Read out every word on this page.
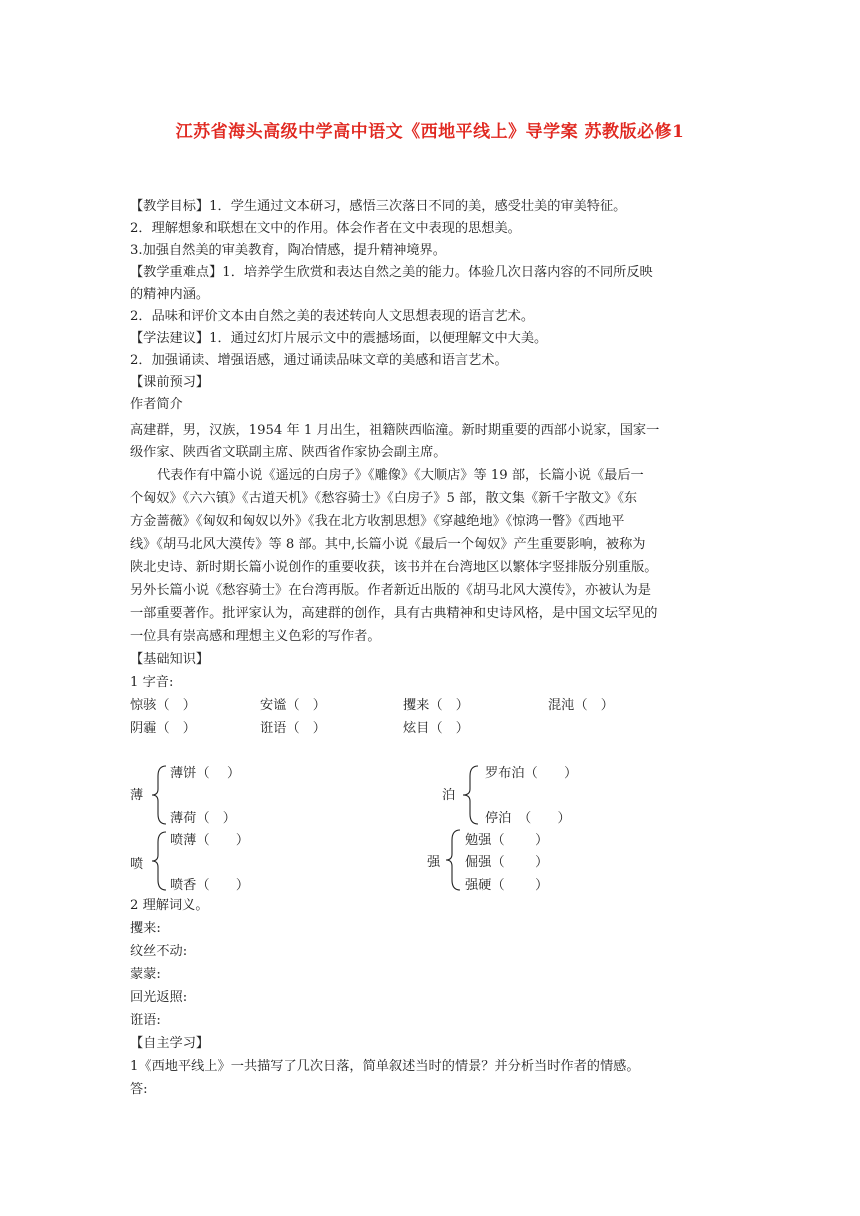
江苏省海头高级中学高中语文《西地平线上》导学案 苏教版必修1
【教学目标】1．学生通过文本研习，感悟三次落日不同的美，感受壮美的审美特征。
2．理解想象和联想在文中的作用。体会作者在文中表现的思想美。
3.加强自然美的审美教育，陶冶情感，提升精神境界。
【教学重难点】1．培养学生欣赏和表达自然之美的能力。体验几次日落内容的不同所反映
的精神内涵。
2．品味和评价文本由自然之美的表述转向人文思想表现的语言艺术。
【学法建议】1．通过幻灯片展示文中的震撼场面，以便理解文中大美。
2．加强诵读、增强语感，通过诵读品味文章的美感和语言艺术。
【课前预习】
作者简介
高建群，男，汉族，1954 年 1 月出生，祖籍陕西临潼。新时期重要的西部小说家，国家一
级作家、陕西省文联副主席、陕西省作家协会副主席。
代表作有中篇小说《遥远的白房子》《雕像》《大顺店》等 19 部，长篇小说《最后一
个匈奴》《六六镇》《古道天机》《愁容骑士》《白房子》5 部，散文集《新千字散文》《东
方金蔷薇》《匈奴和匈奴以外》《我在北方收割思想》《穿越绝地》《惊鸿一瞥》《西地平
线》《胡马北风大漠传》等 8 部。其中,长篇小说《最后一个匈奴》产生重要影响，被称为
陕北史诗、新时期长篇小说创作的重要收获，该书并在台湾地区以繁体字竖排版分别重版。
另外长篇小说《愁容骑士》在台湾再版。作者新近出版的《胡马北风大漠传》，亦被认为是
一部重要著作。批评家认为，高建群的创作，具有古典精神和史诗风格，是中国文坛罕见的
一位具有崇高感和理想主义色彩的写作者。
【基础知识】
1 字音:
惊骇（　）	安谧（　）	攫来（　）	混沌（　）
阴霾（　）	诳语（　）	炫目（　）
薄
薄饼（　 ）
薄荷（　）
泊
罗布泊（　　）
停泊　（　　）
喷
喷薄（　　）
喷香（　　）
强
勉强（　　 ）
倔强（　　 ）
强硬（　　 ）
2 理解词义。
攫来:
纹丝不动:
蒙蒙:
回光返照:
诳语:
【自主学习】
1《西地平线上》一共描写了几次日落，简单叙述当时的情景？并分析当时作者的情感。
答:
